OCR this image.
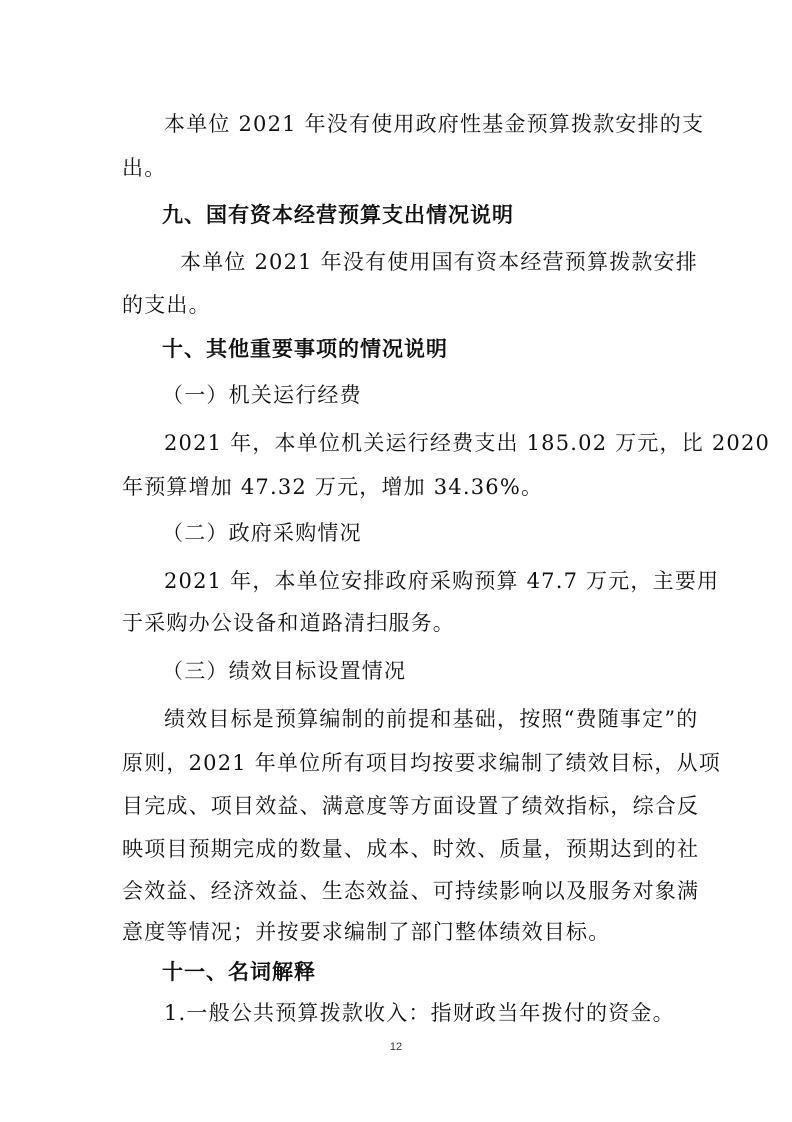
本单位 2021 年没有使用政府性基金预算拨款安排的支
出。
九、国有资本经营预算支出情况说明
本单位 2021 年没有使用国有资本经营预算拨款安排
的支出。
十、其他重要事项的情况说明
（一）机关运行经费
2021 年，本单位机关运行经费支出 185.02 万元，比 2020
年预算增加 47.32 万元，增加 34.36%。
（二）政府采购情况
2021 年，本单位安排政府采购预算 47.7 万元，主要用
于采购办公设备和道路清扫服务。
（三）绩效目标设置情况
绩效目标是预算编制的前提和基础，按照“费随事定”的
原则，2021 年单位所有项目均按要求编制了绩效目标，从项
目完成、项目效益、满意度等方面设置了绩效指标，综合反
映项目预期完成的数量、成本、时效、质量，预期达到的社
会效益、经济效益、生态效益、可持续影响以及服务对象满
意度等情况；并按要求编制了部门整体绩效目标。
十一、名词解释
1.一般公共预算拨款收入：指财政当年拨付的资金。
12
